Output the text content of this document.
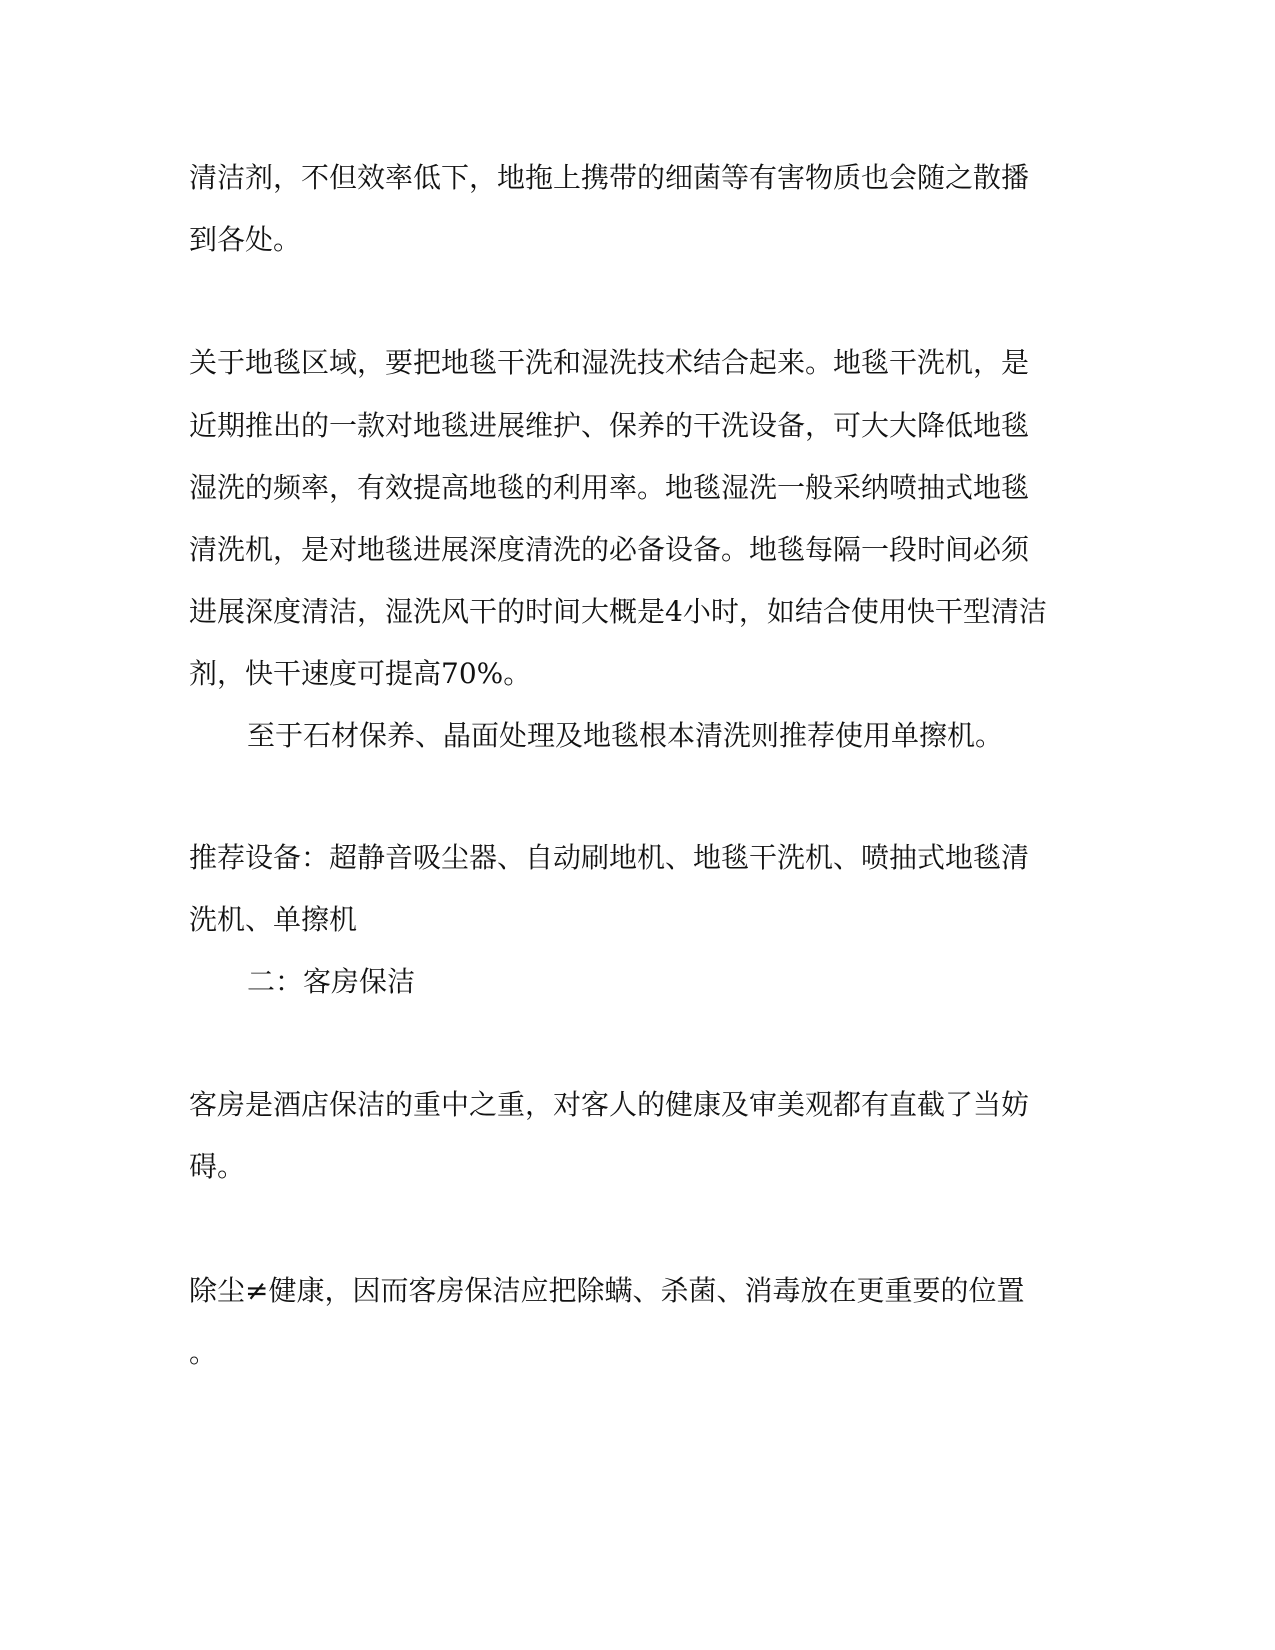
清洁剂，不但效率低下，地拖上携带的细菌等有害物质也会随之散播

到各处。

关于地毯区域，要把地毯干洗和湿洗技术结合起来。地毯干洗机，是

近期推出的一款对地毯进展维护、保养的干洗设备，可大大降低地毯

湿洗的频率，有效提高地毯的利用率。地毯湿洗一般采纳喷抽式地毯

清洗机，是对地毯进展深度清洗的必备设备。地毯每隔一段时间必须

进展深度清洁，湿洗风干的时间大概是4小时，如结合使用快干型清洁

剂，快干速度可提高70%。

至于石材保养、晶面处理及地毯根本清洗则推荐使用单擦机。

推荐设备：超静音吸尘器、自动刷地机、地毯干洗机、喷抽式地毯清

洗机、单擦机

二：客房保洁

客房是酒店保洁的重中之重，对客人的健康及审美观都有直截了当妨

碍。

除尘≠健康，因而客房保洁应把除螨、杀菌、消毒放在更重要的位置

。
